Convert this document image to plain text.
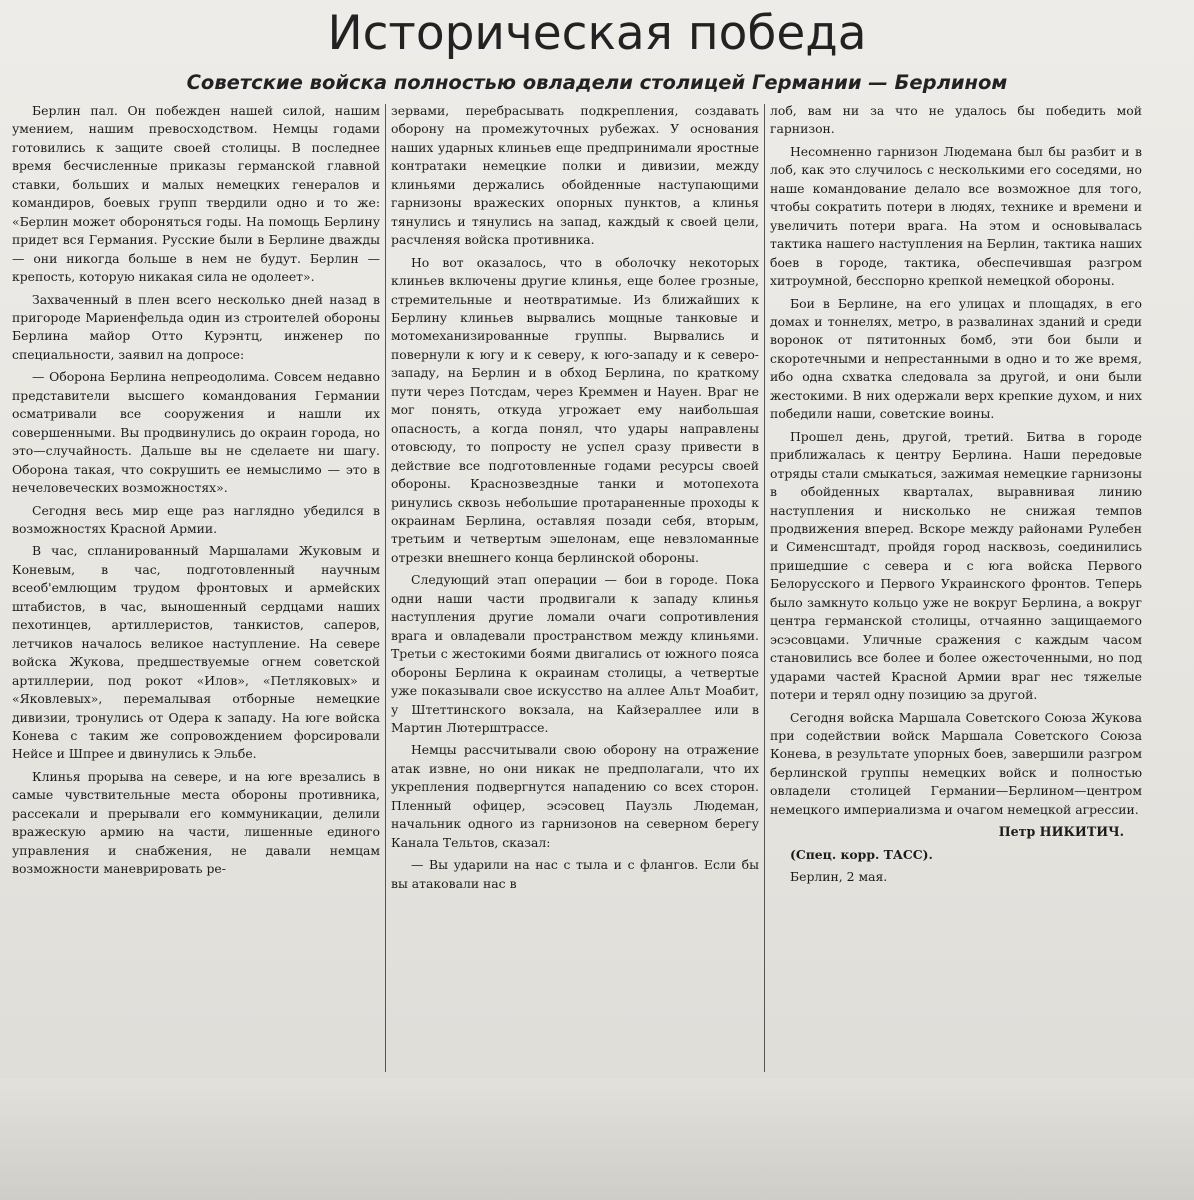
Историческая победа
Советские войска полностью овладели столицей Германии — Берлином

Берлин пал. Он побежден нашей силой, нашим умением, нашим превосходством. Немцы годами готовились к защите своей столицы. В последнее время бесчисленные приказы германской главной ставки, больших и малых немецких генералов и командиров, боевых групп твердили одно и то же: «Берлин может обороняться годы. На помощь Берлину придет вся Германия. Русские были в Берлине дважды — они никогда больше в нем не будут. Берлин — крепость, которую никакая сила не одолеет».

Захваченный в плен всего несколько дней назад в пригороде Мариенфельда один из строителей обороны Берлина майор Отто Курэнтц, инженер по специальности, заявил на допросе:

— Оборона Берлина непреодолима. Совсем недавно представители высшего командования Германии осматривали все сооружения и нашли их совершенными. Вы продвинулись до окраин города, но это—случайность. Дальше вы не сделаете ни шагу. Оборона такая, что сокрушить ее немыслимо — это в нечеловеческих возможностях».

Сегодня весь мир еще раз наглядно убедился в возможностях Красной Армии.

В час, спланированный Маршалами Жуковым и Коневым, в час, подготовленный научным всеоб'емлющим трудом фронтовых и армейских штабистов, в час, выношенный сердцами наших пехотинцев, артиллеристов, танкистов, саперов, летчиков началось великое наступление. На севере войска Жукова, предшествуемые огнем советской артиллерии, под рокот «Илов», «Петляковых» и «Яковлевых», перемалывая отборные немецкие дивизии, тронулись от Одера к западу. На юге войска Конева с таким же сопровождением форсировали Нейсе и Шпрее и двинулись к Эльбе.

Клинья прорыва на севере, и на юге врезались в самые чувствительные места обороны противника, рассекали и прерывали его коммуникации, делили вражескую армию на части, лишенные единого управления и снабжения, не давали немцам возможности маневрировать ре-

зервами, перебрасывать подкрепления, создавать оборону на промежуточных рубежах. У основания наших ударных клиньев еще предпринимали яростные контратаки немецкие полки и дивизии, между клиньями держались обойденные наступающими гарнизоны вражеских опорных пунктов, а клинья тянулись и тянулись на запад, каждый к своей цели, расчленяя войска противника.

Но вот оказалось, что в оболочку некоторых клиньев включены другие клинья, еще более грозные, стремительные и неотвратимые. Из ближайших к Берлину клиньев вырвались мощные танковые и мотомеханизированные группы. Вырвались и повернули к югу и к северу, к юго-западу и к северо-западу, на Берлин и в обход Берлина, по краткому пути через Потсдам, через Креммен и Науен. Враг не мог понять, откуда угрожает ему наибольшая опасность, а когда понял, что удары направлены отовсюду, то попросту не успел сразу привести в действие все подготовленные годами ресурсы своей обороны. Краснозвездные танки и мотопехота ринулись сквозь небольшие протараненные проходы к окраинам Берлина, оставляя позади себя, вторым, третьим и четвертым эшелонам, еще невзломанные отрезки внешнего конца берлинской обороны.

Следующий этап операции — бои в городе. Пока одни наши части продвигали к западу клинья наступления другие ломали очаги сопротивления врага и овладевали пространством между клиньями. Третьи с жестокими боями двигались от южного пояса обороны Берлина к окраинам столицы, а четвертые уже показывали свое искусство на аллее Альт Моабит, у Штеттинского вокзала, на Кайзераллее или в Мартин Лютерштрассе.

Немцы рассчитывали свою оборону на отражение атак извне, но они никак не предполагали, что их укрепления подвергнутся нападению со всех сторон. Пленный офицер, эсэсовец Паузль Людеман, начальник одного из гарнизонов на северном берегу Канала Тельтов, сказал:

— Вы ударили на нас с тыла и с флангов. Если бы вы атаковали нас в

лоб, вам ни за что не удалось бы победить мой гарнизон.

Несомненно гарнизон Людемана был бы разбит и в лоб, как это случилось с несколькими его соседями, но наше командование делало все возможное для того, чтобы сократить потери в людях, технике и времени и увеличить потери врага. На этом и основывалась тактика нашего наступления на Берлин, тактика наших боев в городе, тактика, обеспечившая разгром хитроумной, бесспорно крепкой немецкой обороны.

Бои в Берлине, на его улицах и площадях, в его домах и тоннелях, метро, в развалинах зданий и среди воронок от пятитонных бомб, эти бои были и скоротечными и непрестанными в одно и то же время, ибо одна схватка следовала за другой, и они были жестокими. В них одержали верх крепкие духом, и них победили наши, советские воины.

Прошел день, другой, третий. Битва в городе приближалась к центру Берлина. Наши передовые отряды стали смыкаться, зажимая немецкие гарнизоны в обойденных кварталах, выравнивая линию наступления и нисколько не снижая темпов продвижения вперед. Вскоре между районами Рулебен и Сименсштадт, пройдя город насквозь, соединились пришедшие с севера и с юга войска Первого Белорусского и Первого Украинского фронтов. Теперь было замкнуто кольцо уже не вокруг Берлина, а вокруг центра германской столицы, отчаянно защищаемого эсэсовцами. Уличные сражения с каждым часом становились все более и более ожесточенными, но под ударами частей Красной Армии враг нес тяжелые потери и терял одну позицию за другой.

Сегодня войска Маршала Советского Союза Жукова при содействии войск Маршала Советского Союза Конева, в результате упорных боев, завершили разгром берлинской группы немецких войск и полностью овладели столицей Германии—Берлином—центром немецкого империализма и очагом немецкой агрессии.

Петр НИКИТИЧ.

(Спец. корр. ТАСС).

Берлин, 2 мая.
